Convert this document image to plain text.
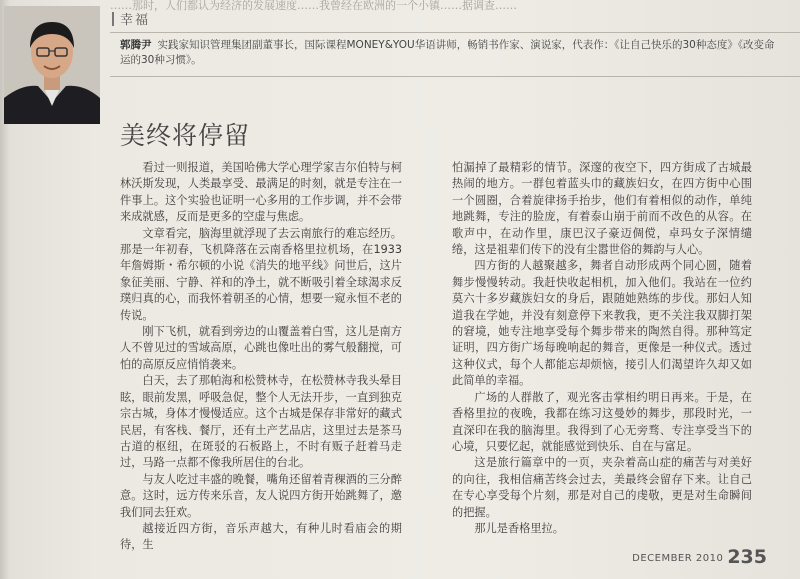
……那时，人们都认为经济的发展速度……我曾经在欧洲的一个小镇……据调查……
幸福
郭腾尹 实践家知识管理集团副董事长，国际课程MONEY&YOU华语讲师，畅销书作家、演说家，代表作：《让自己快乐的30种态度》《改变命运的30种习惯》。
美终将停留

看过一则报道，美国哈佛大学心理学家吉尔伯特与柯林沃斯发现，人类最享受、最满足的时刻，就是专注在一件事上。这个实验也证明一心多用的工作步调，并不会带来成就感，反而是更多的空虚与焦虑。

文章看完，脑海里就浮现了去云南旅行的难忘经历。那是一年初春，飞机降落在云南香格里拉机场，在1933年詹姆斯・希尔顿的小说《消失的地平线》问世后，这片象征美丽、宁静、祥和的净土，就不断吸引着全球渴求反璞归真的心，而我怀着朝圣的心情，想要一窥永恒不老的传说。

刚下飞机，就看到旁边的山覆盖着白雪，这儿是南方人不曾见过的雪域高原，心跳也像吐出的雾气般翻搅，可怕的高原反应悄悄袭来。

白天，去了那帕海和松赞林寺，在松赞林寺我头晕目眩，眼前发黑，呼吸急促，整个人无法开步，一直到独克宗古城，身体才慢慢适应。这个古城是保存非常好的藏式民居，有客栈、餐厅，还有土产艺品店，这里过去是茶马古道的枢纽，在斑驳的石板路上，不时有贩子赶着马走过，马路一点都不像我所居住的台北。

与友人吃过丰盛的晚餐，嘴角还留着青稞酒的三分醉意。这时，远方传来乐音，友人说四方街开始跳舞了，邀我们同去狂欢。

越接近四方街，音乐声越大，有种儿时看庙会的期待，生

怕漏掉了最精彩的情节。深邃的夜空下，四方街成了古城最热闹的地方。一群包着蓝头巾的藏族妇女，在四方街中心围一个圆圈，合着旋律扬手抬步，他们有着相似的动作，单纯地跳舞，专注的脸庞，有着泰山崩于前而不改色的从容。在歌声中，在动作里，康巴汉子豪迈倜傥，卓玛女子深情缱绻，这是祖辈们传下的没有尘嚣世俗的舞韵与人心。

四方街的人越聚越多，舞者自动形成两个同心圆，随着舞步慢慢转动。我赶快收起相机，加入他们。我站在一位约莫六十多岁藏族妇女的身后，跟随她熟练的步伐。那妇人知道我在学她，并没有刻意停下来教我，更不关注我双脚打架的窘境，她专注地享受每个舞步带来的陶然自得。那种笃定证明，四方街广场每晚响起的舞音，更像是一种仪式。透过这种仪式，每个人都能忘却烦恼，接引人们渴望许久却又如此简单的幸福。

广场的人群散了，观光客击掌相约明日再来。于是，在香格里拉的夜晚，我都在练习这曼妙的舞步，那段时光，一直深印在我的脑海里。我得到了心无旁骛、专注享受当下的心境，只要忆起，就能感觉到快乐、自在与富足。

这是旅行篇章中的一页，夹杂着高山症的痛苦与对美好的向往，我相信痛苦终会过去，美最终会留存下来。让自己在专心享受每个片刻，那是对自己的虔敬，更是对生命瞬间的把握。

那儿是香格里拉。

DECEMBER 2010 235
